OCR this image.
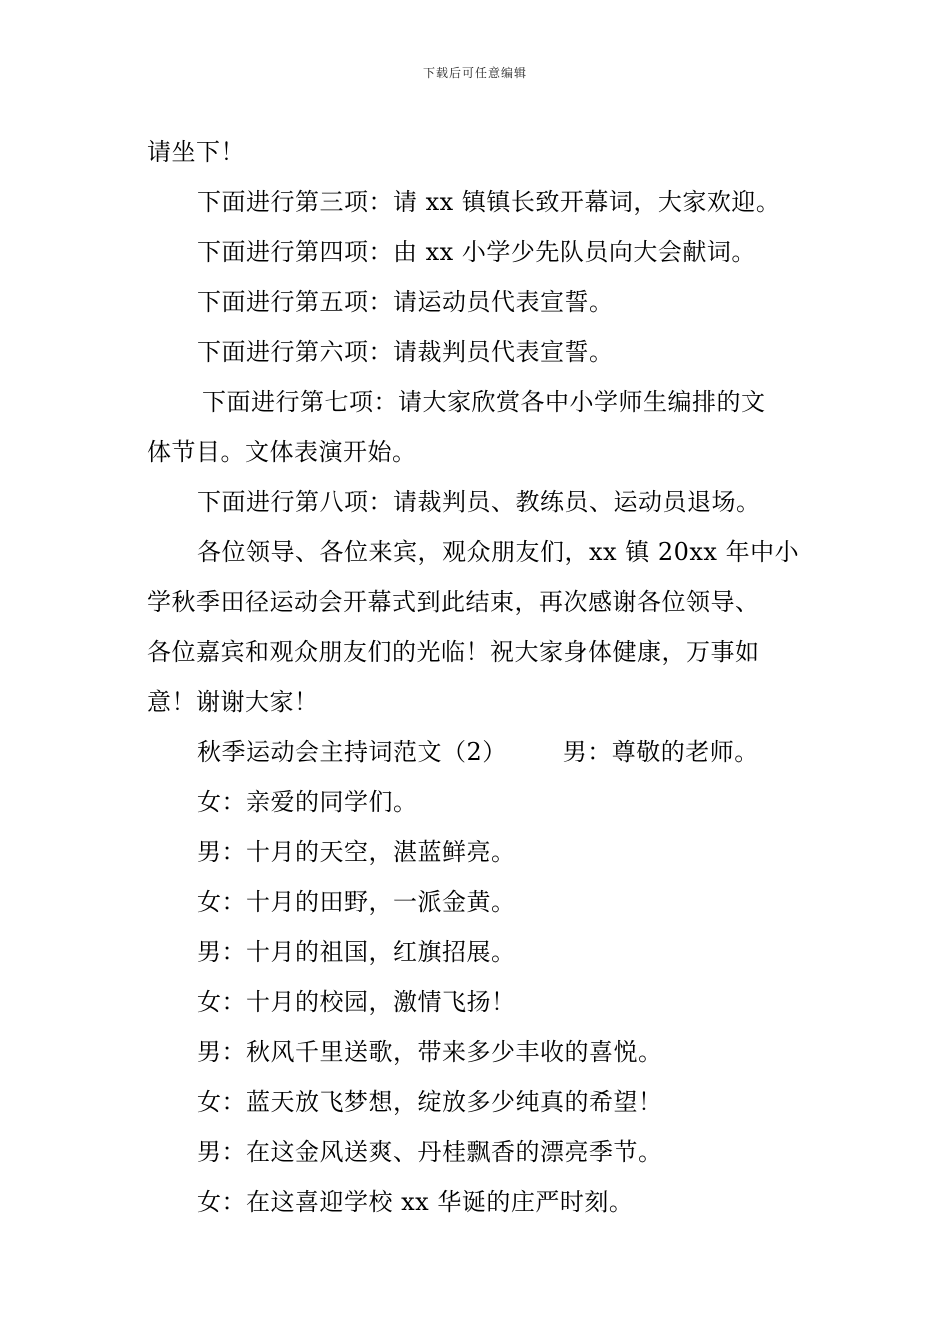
下载后可任意编辑
请坐下！
下面进行第三项：请 xx 镇镇长致开幕词，大家欢迎。
下面进行第四项：由 xx 小学少先队员向大会献词。
下面进行第五项：请运动员代表宣誓。
下面进行第六项：请裁判员代表宣誓。
下面进行第七项：请大家欣赏各中小学师生编排的文
体节目。文体表演开始。
下面进行第八项：请裁判员、教练员、运动员退场。
各位领导、各位来宾，观众朋友们，xx 镇 20xx 年中小
学秋季田径运动会开幕式到此结束，再次感谢各位领导、
各位嘉宾和观众朋友们的光临！祝大家身体健康，万事如
意！谢谢大家！
秋季运动会主持词范文（2） 男：尊敬的老师。
女：亲爱的同学们。
男：十月的天空，湛蓝鲜亮。
女：十月的田野，一派金黄。
男：十月的祖国，红旗招展。
女：十月的校园，激情飞扬！
男：秋风千里送歌，带来多少丰收的喜悦。
女：蓝天放飞梦想，绽放多少纯真的希望！
男：在这金风送爽、丹桂飘香的漂亮季节。
女：在这喜迎学校 xx 华诞的庄严时刻。
